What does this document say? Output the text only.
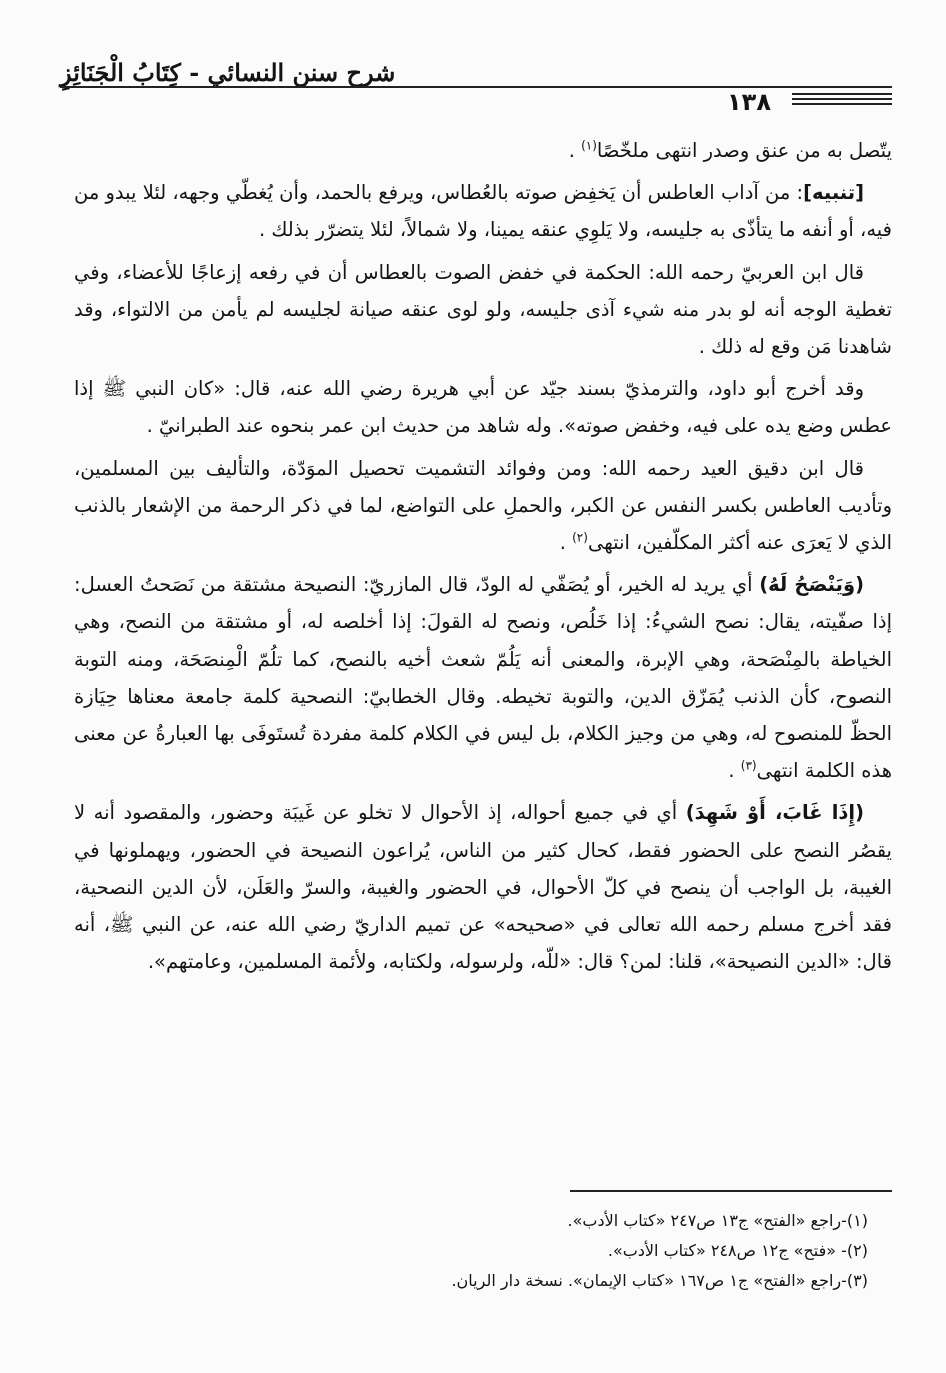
شرح سنن النسائي - كِتَابُ الْجَنَائِزِ
١٣٨

يتّصل به من عنق وصدر انتهى ملخّصًا$^{(١)}$ .

[تنبيه]: من آداب العاطس أن يَخفِض صوته بالعُطاس، ويرفع بالحمد، وأن يُغطّي وجهه، لئلا يبدو من فيه، أو أنفه ما يتأذّى به جليسه، ولا يَلوِي عنقه يمينا، ولا شمالاً، لئلا يتضرّر بذلك .

قال ابن العربيّ رحمه الله: الحكمة في خفض الصوت بالعطاس أن في رفعه إزعاجًا للأعضاء، وفي تغطية الوجه أنه لو بدر منه شيء آذى جليسه، ولو لوى عنقه صيانة لجليسه لم يأمن من الالتواء، وقد شاهدنا مَن وقع له ذلك .

وقد أخرج أبو داود، والترمذيّ بسند جيّد عن أبي هريرة رضي الله عنه، قال: «كان النبي ﷺ إذا عطس وضع يده على فيه، وخفض صوته». وله شاهد من حديث ابن عمر بنحوه عند الطبرانيّ .

قال ابن دقيق العيد رحمه الله: ومن وفوائد التشميت تحصيل الموَدّة، والتأليف بين المسلمين، وتأديب العاطس بكسر النفس عن الكبر، والحملِ على التواضع، لما في ذكر الرحمة من الإشعار بالذنب الذي لا يَعرَى عنه أكثر المكلّفين، انتهى$^{(٢)}$ .

(وَيَنْصَحُ لَهُ) أي يريد له الخير، أو يُصَفّي له الودّ، قال المازريّ: النصيحة مشتقة من نَصَحتُ العسل: إذا صفّيته، يقال: نصح الشيءُ: إذا خَلُص، ونصح له القولَ: إذا أخلصه له، أو مشتقة من النصح، وهي الخياطة بالمِنْصَحة، وهي الإبرة، والمعنى أنه يَلُمّ شعث أخيه بالنصح، كما تلُمّ الْمِنصَحَة، ومنه التوبة النصوح، كأن الذنب يُمَزّق الدين، والتوبة تخيطه. وقال الخطابيّ: النصحية كلمة جامعة معناها حِيَازة الحظّ للمنصوح له، وهي من وجيز الكلام، بل ليس في الكلام كلمة مفردة تُستَوفَى بها العبارةُ عن معنى هذه الكلمة انتهى$^{(٣)}$ .

(إِذَا غَابَ، أَوْ شَهِدَ) أي في جميع أحواله، إذ الأحوال لا تخلو عن غَيبَة وحضور، والمقصود أنه لا يقصُر النصح على الحضور فقط، كحال كثير من الناس، يُراعون النصيحة في الحضور، ويهملونها في الغيبة، بل الواجب أن ينصح في كلّ الأحوال، في الحضور والغيبة، والسرّ والعَلَن، لأن الدين النصحية، فقد أخرج مسلم رحمه الله تعالى في «صحيحه» عن تميم الداريّ رضي الله عنه، عن النبي ﷺ، أنه قال: «الدين النصيحة»، قلنا: لمن؟ قال: «للّه، ولرسوله، ولكتابه، ولأئمة المسلمين، وعامتهم».

(١)-راجع «الفتح» ج١٣ ص٢٤٧ «كتاب الأدب».
(٢)- «فتح» ج١٢ ص٢٤٨ «كتاب الأدب».
(٣)-راجع «الفتح» ج١ ص١٦٧ «كتاب الإيمان». نسخة دار الريان.
